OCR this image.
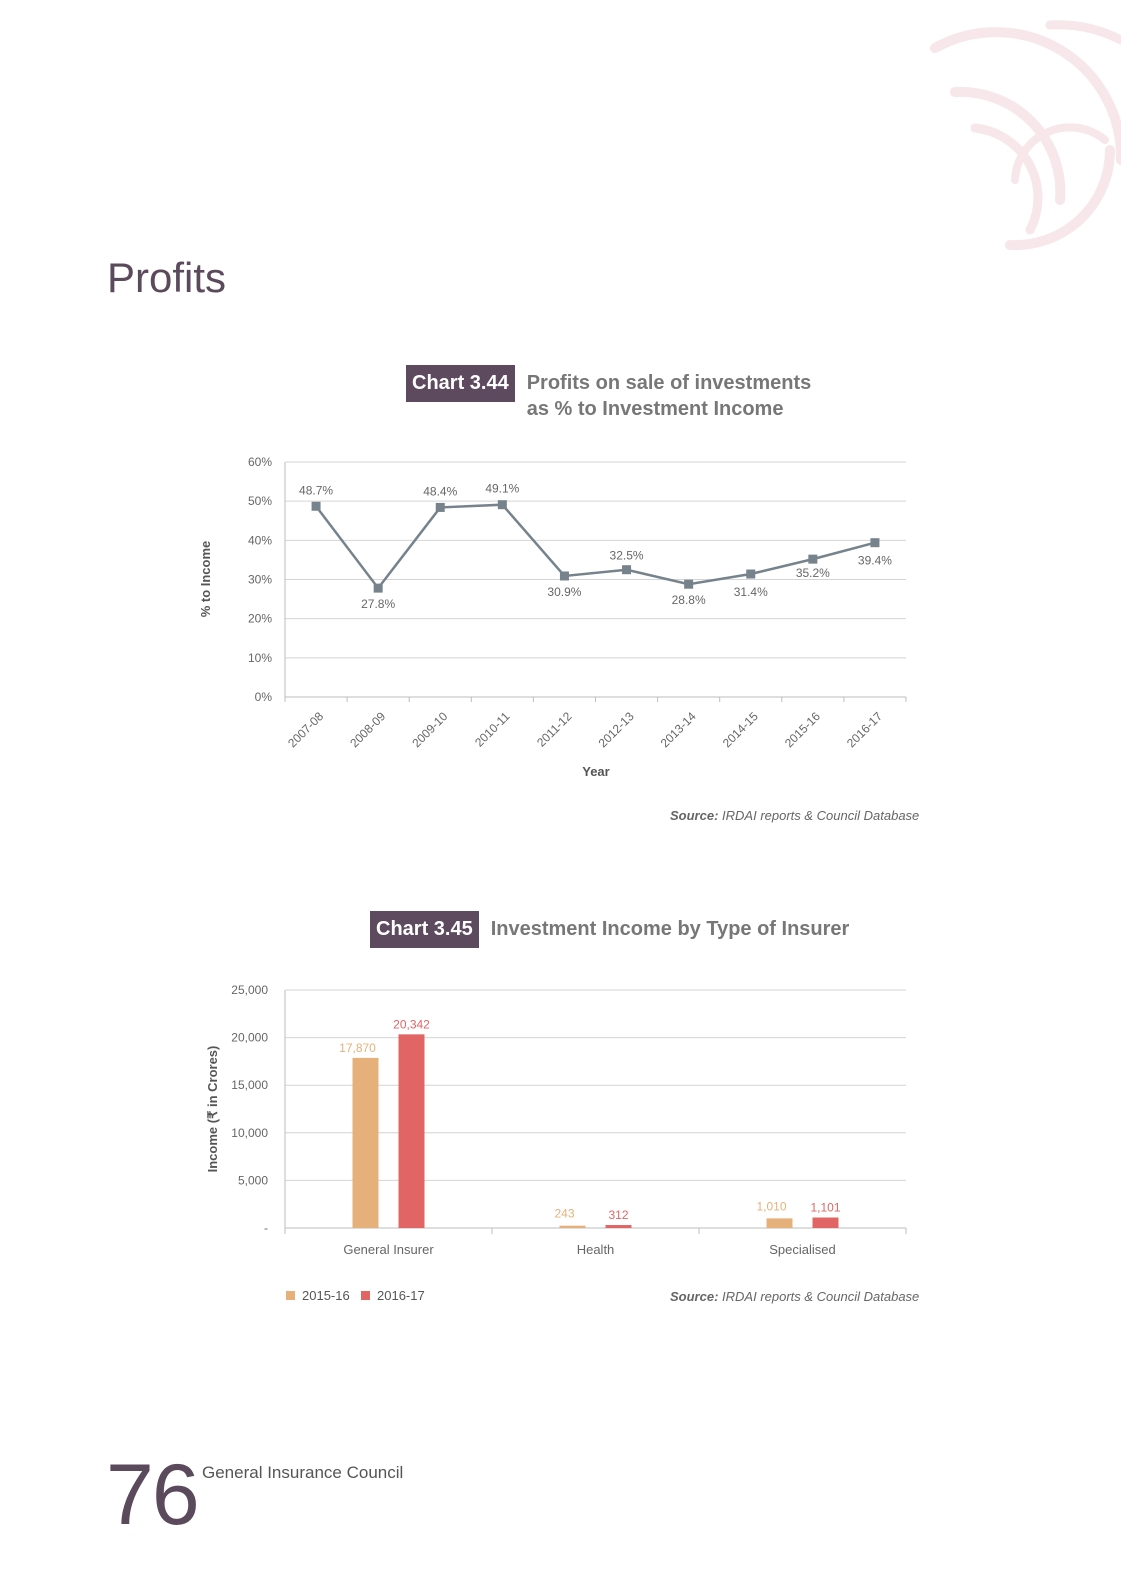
Profits
Chart 3.44 Profits on sale of investments
as % to Investment Income
0%
10%
20%
30%
40%
50%
60%
2007-08 2008-09 2009-10 2010-11 2011-12 2012-13 2013-14 2014-15 2015-16 2016-17
48.7%
27.8%
48.4% 49.1%
30.9%
32.5%
28.8%
31.4%
35.2%
39.4%
Year
% to Income
Source: IRDAI reports & Council Database
Chart 3.45 Investment Income by Type of Insurer
-
5,000
10,000
15,000
20,000
25,000
General Insurer
17,870
20,342
Health
243	312
Specialised
1,010 1,101
Income (₹ in Crores)
2015-16 2016-17	Source: IRDAI reports & Council Database
76 General Insurance Council
